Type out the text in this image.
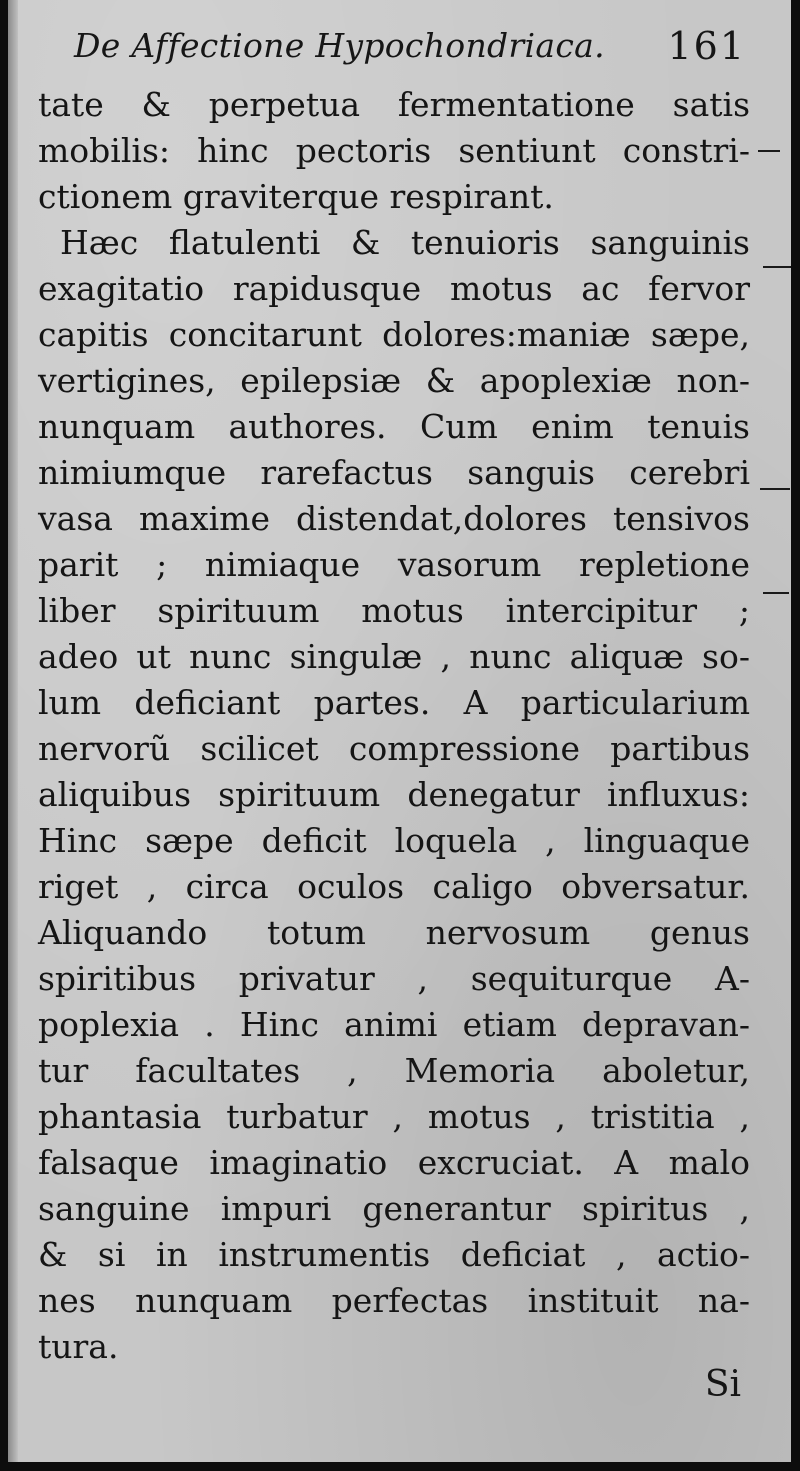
De Affectione Hypochondriaca. 161
tate & perpetua fermentatione satis
mobilis: hinc pectoris sentiunt constri-
ctionem graviterque respirant.
Hæc flatulenti & tenuioris sanguinis
exagitatio rapidusque motus ac fervor
capitis concitarunt dolores:maniæ sæpe,
vertigines, epilepsiæ & apoplexiæ non-
nunquam authores. Cum enim tenuis
nimiumque rarefactus sanguis cerebri
vasa maxime distendat,dolores tensivos
parit ; nimiaque vasorum repletione
liber spirituum motus intercipitur ;
adeo ut nunc singulæ , nunc aliquæ so-
lum deficiant partes. A particularium
nervorũ scilicet compressione partibus
aliquibus spirituum denegatur influxus:
Hinc sæpe deficit loquela , linguaque
riget , circa oculos caligo obversatur.
Aliquando totum nervosum genus
spiritibus privatur , sequiturque A-
poplexia . Hinc animi etiam depravan-
tur facultates , Memoria aboletur,
phantasia turbatur , motus , tristitia ,
falsaque imaginatio excruciat. A malo
sanguine impuri generantur spiritus ,
& si in instrumentis deficiat , actio-
nes nunquam perfectas instituit na-
tura.
Si
